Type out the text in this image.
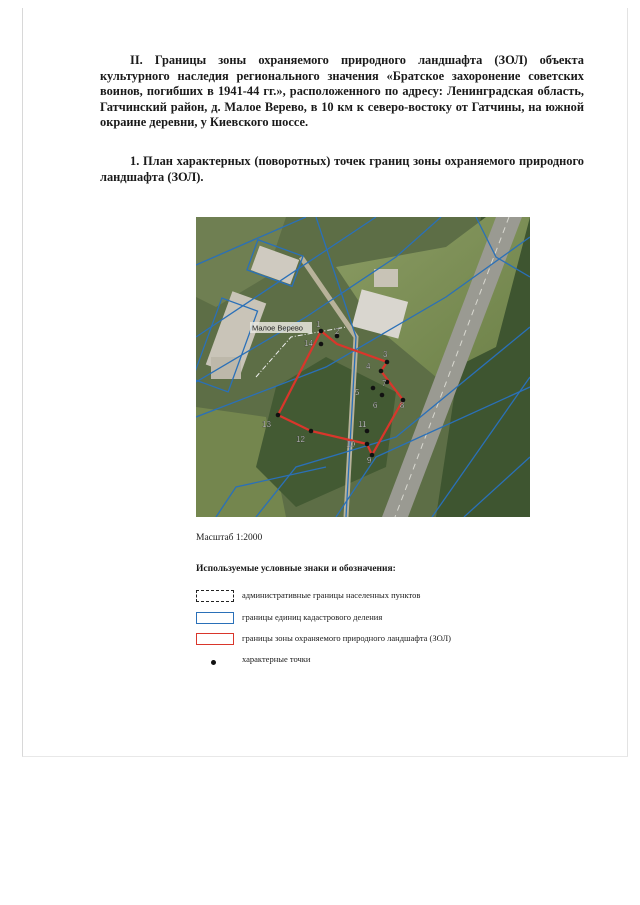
II. Границы зоны охраняемого природного ландшафта (ЗОЛ) объекта культурного наследия регионального значения «Братское захоронение советских воинов, погибших в 1941-44 гг.», расположенного по адресу: Ленинградская область, Гатчинский район, д. Малое Верево, в 10 км к северо-востоку от Гатчины, на южной окраине деревни, у Киевского шоссе.

1. План характерных (поворотных) точек границ зоны охраняемого природного ландшафта (ЗОЛ).

Малое Верево 1
2
3
4
5
6
7
8
9
10
11
12
13
14

Масштаб 1:2000

Используемые условные знаки и обозначения:

административные границы населенных пунктов
границы единиц кадастрового деления
границы зоны охраняемого природного ландшафта (ЗОЛ)
характерные точки
